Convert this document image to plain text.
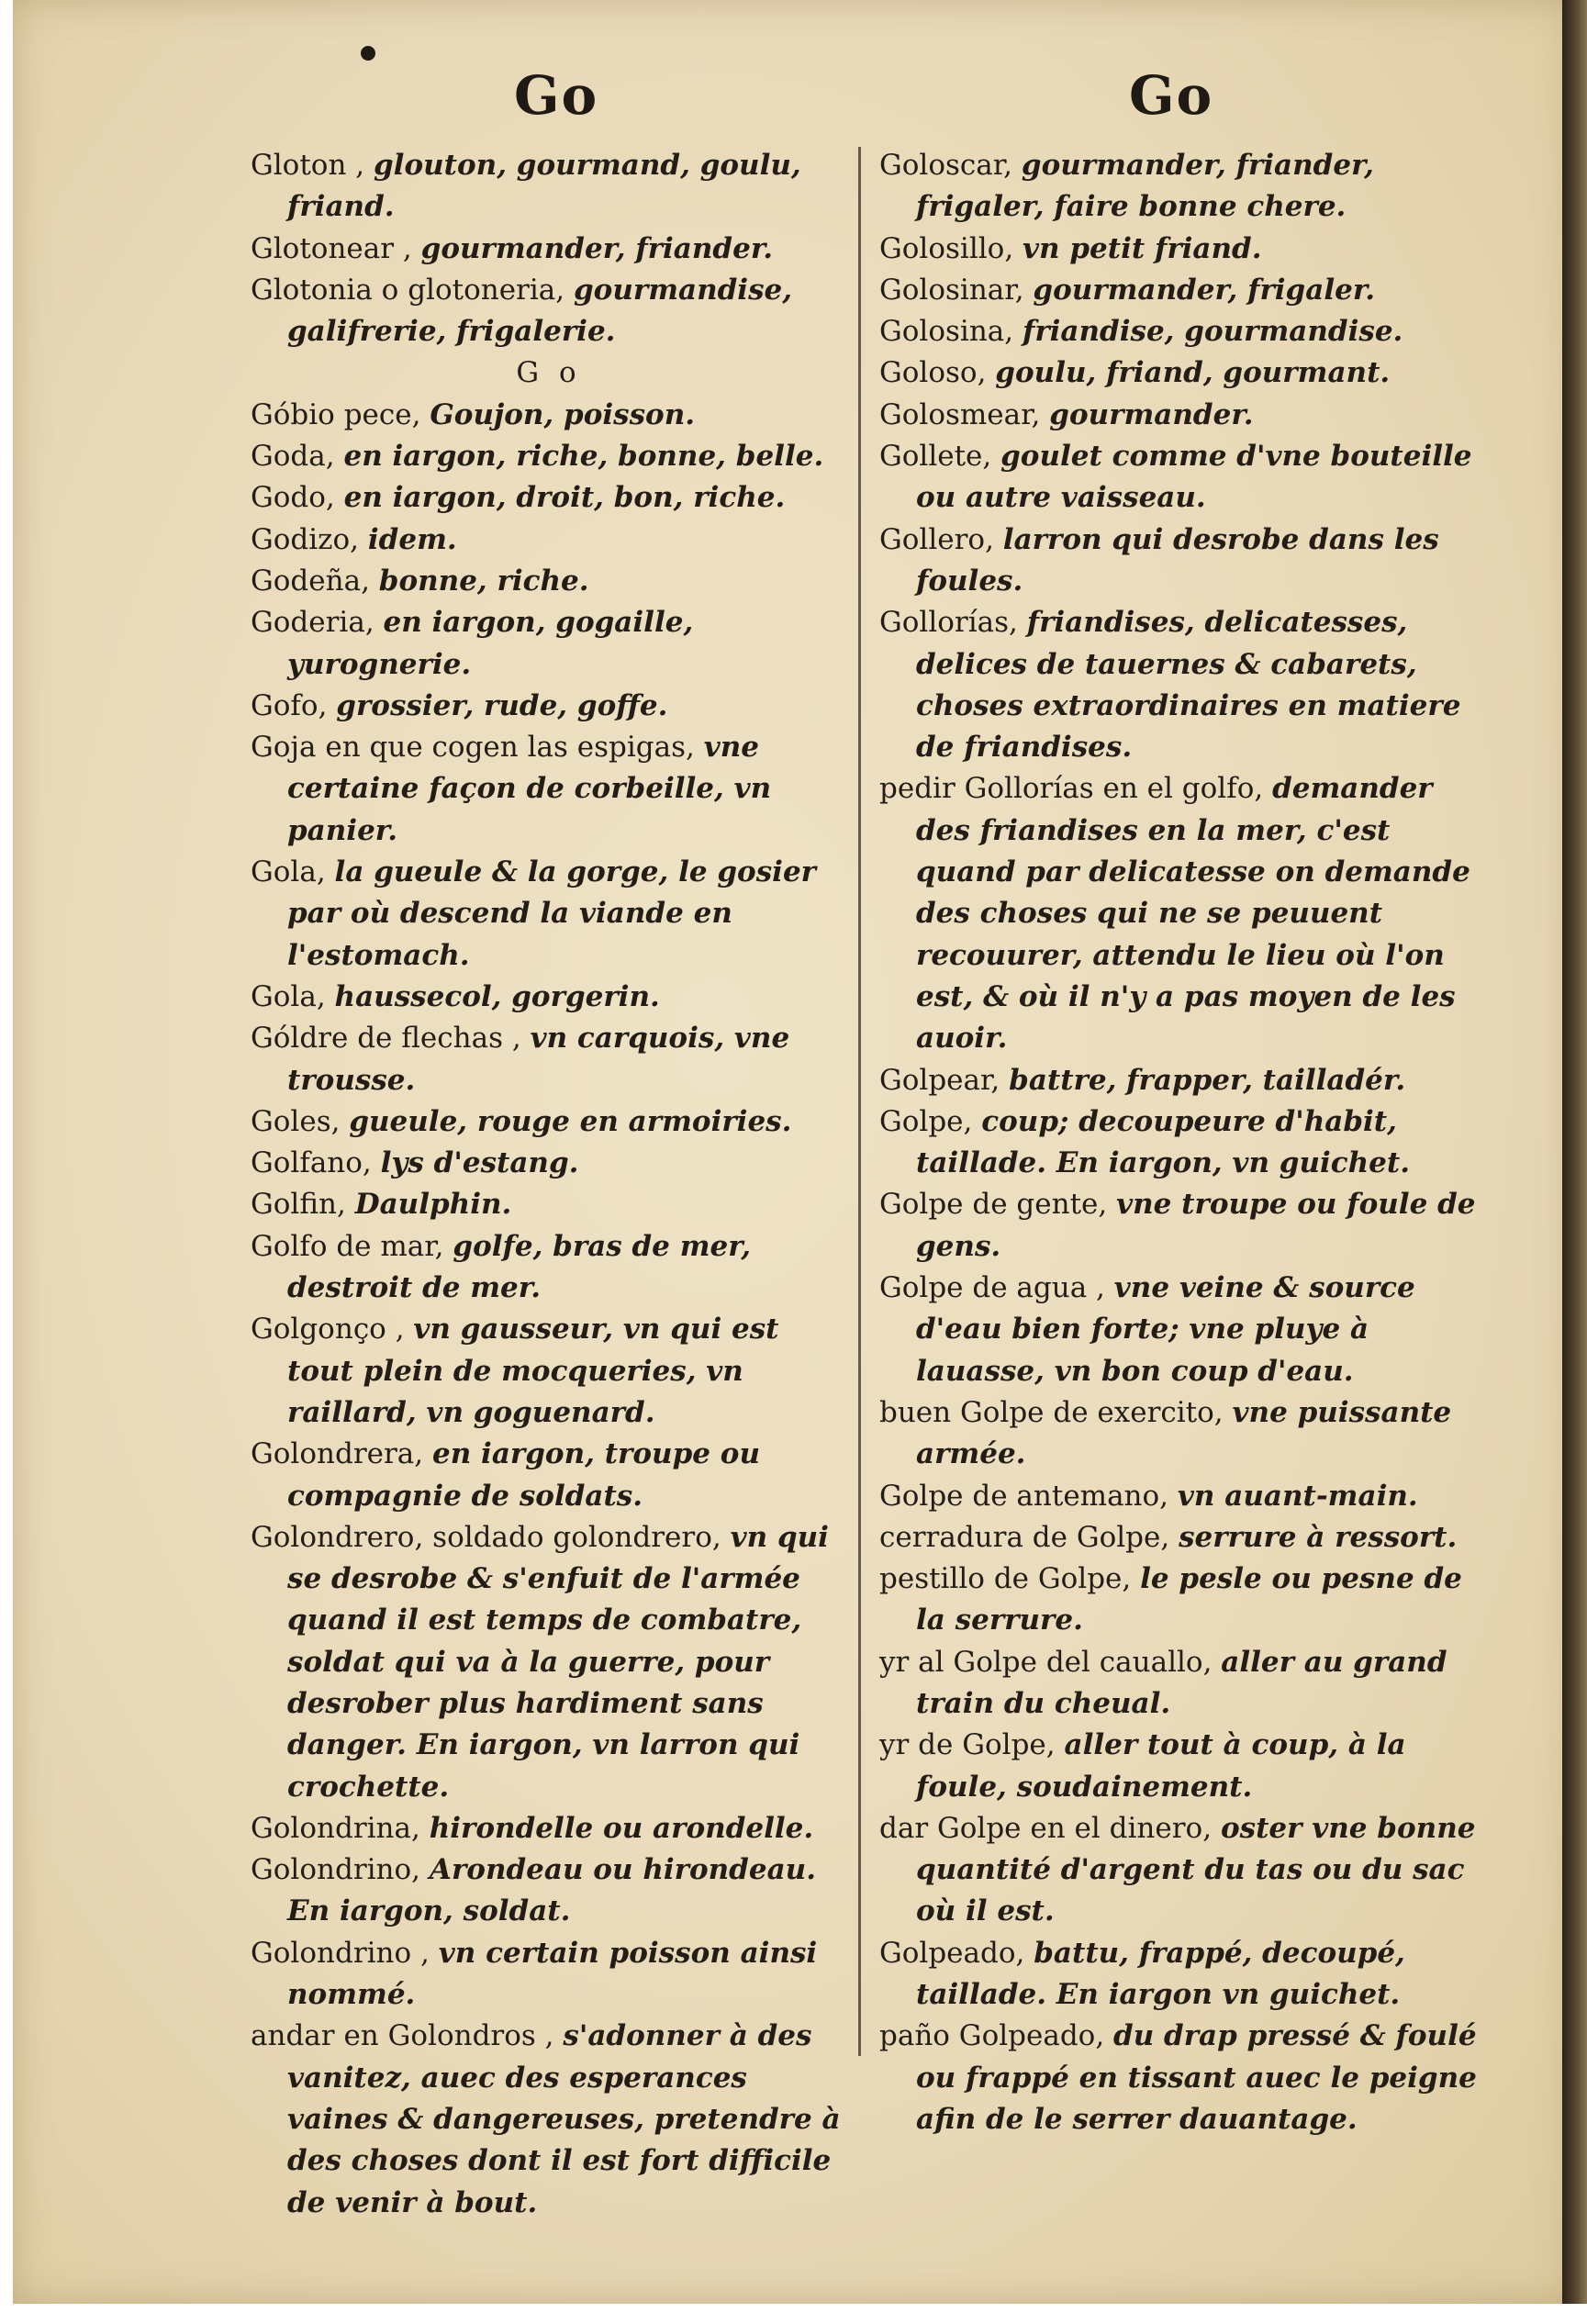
Go	Go

Gloton , glouton, gourmand, goulu, friand.

Glotonear , gourmander, friander.

Glotonia o glotoneria, gourmandise, galifrerie, frigalerie.

G o

Góbio pece, Goujon, poisson.

Goda, en iargon, riche, bonne, belle.

Godo, en iargon, droit, bon, riche.

Godizo, idem.

Godeña, bonne, riche.

Goderia, en iargon, gogaille, yurognerie.

Gofo, grossier, rude, goffe.

Goja en que cogen las espigas, vne certaine façon de corbeille, vn panier.

Gola, la gueule & la gorge, le gosier par où descend la viande en l'estomach.

Gola, haussecol, gorgerin.

Góldre de flechas , vn carquois, vne trousse.

Goles, gueule, rouge en armoiries.

Golfano, lys d'estang.

Golfin, Daulphin.

Golfo de mar, golfe, bras de mer, destroit de mer.

Golgonço , vn gausseur, vn qui est tout plein de mocqueries, vn raillard, vn goguenard.

Golondrera, en iargon, troupe ou compagnie de soldats.

Golondrero, soldado golondrero, vn qui se desrobe & s'enfuit de l'armée quand il est temps de combatre, soldat qui va à la guerre, pour desrober plus hardiment sans danger. En iargon, vn larron qui crochette.

Golondrina, hirondelle ou arondelle.

Golondrino, Arondeau ou hirondeau. En iargon, soldat.

Golondrino , vn certain poisson ainsi nommé.

andar en Golondros , s'adonner à des vanitez, auec des esperances vaines & dangereuses, pretendre à des choses dont il est fort difficile de venir à bout.

Goloscar, gourmander, friander, frigaler, faire bonne chere.

Golosillo, vn petit friand.

Golosinar, gourmander, frigaler.

Golosina, friandise, gourmandise.

Goloso, goulu, friand, gourmant.

Golosmear, gourmander.

Gollete, goulet comme d'vne bouteille ou autre vaisseau.

Gollero, larron qui desrobe dans les foules.

Gollorías, friandises, delicatesses, delices de tauernes & cabarets, choses extraordinaires en matiere de friandises.

pedir Gollorías en el golfo, demander des friandises en la mer, c'est quand par delicatesse on demande des choses qui ne se peuuent recouurer, attendu le lieu où l'on est, & où il n'y a pas moyen de les auoir.

Golpear, battre, frapper, tailladér.

Golpe, coup; decoupeure d'habit, taillade. En iargon, vn guichet.

Golpe de gente, vne troupe ou foule de gens.

Golpe de agua , vne veine & source d'eau bien forte; vne pluye à lauasse, vn bon coup d'eau.

buen Golpe de exercito, vne puissante armée.

Golpe de antemano, vn auant-main.

cerradura de Golpe, serrure à ressort.

pestillo de Golpe, le pesle ou pesne de la serrure.

yr al Golpe del cauallo, aller au grand train du cheual.

yr de Golpe, aller tout à coup, à la foule, soudainement.

dar Golpe en el dinero, oster vne bonne quantité d'argent du tas ou du sac où il est.

Golpeado, battu, frappé, decoupé, taillade. En iargon vn guichet.

paño Golpeado, du drap pressé & foulé ou frappé en tissant auec le peigne afin de le serrer dauantage.
